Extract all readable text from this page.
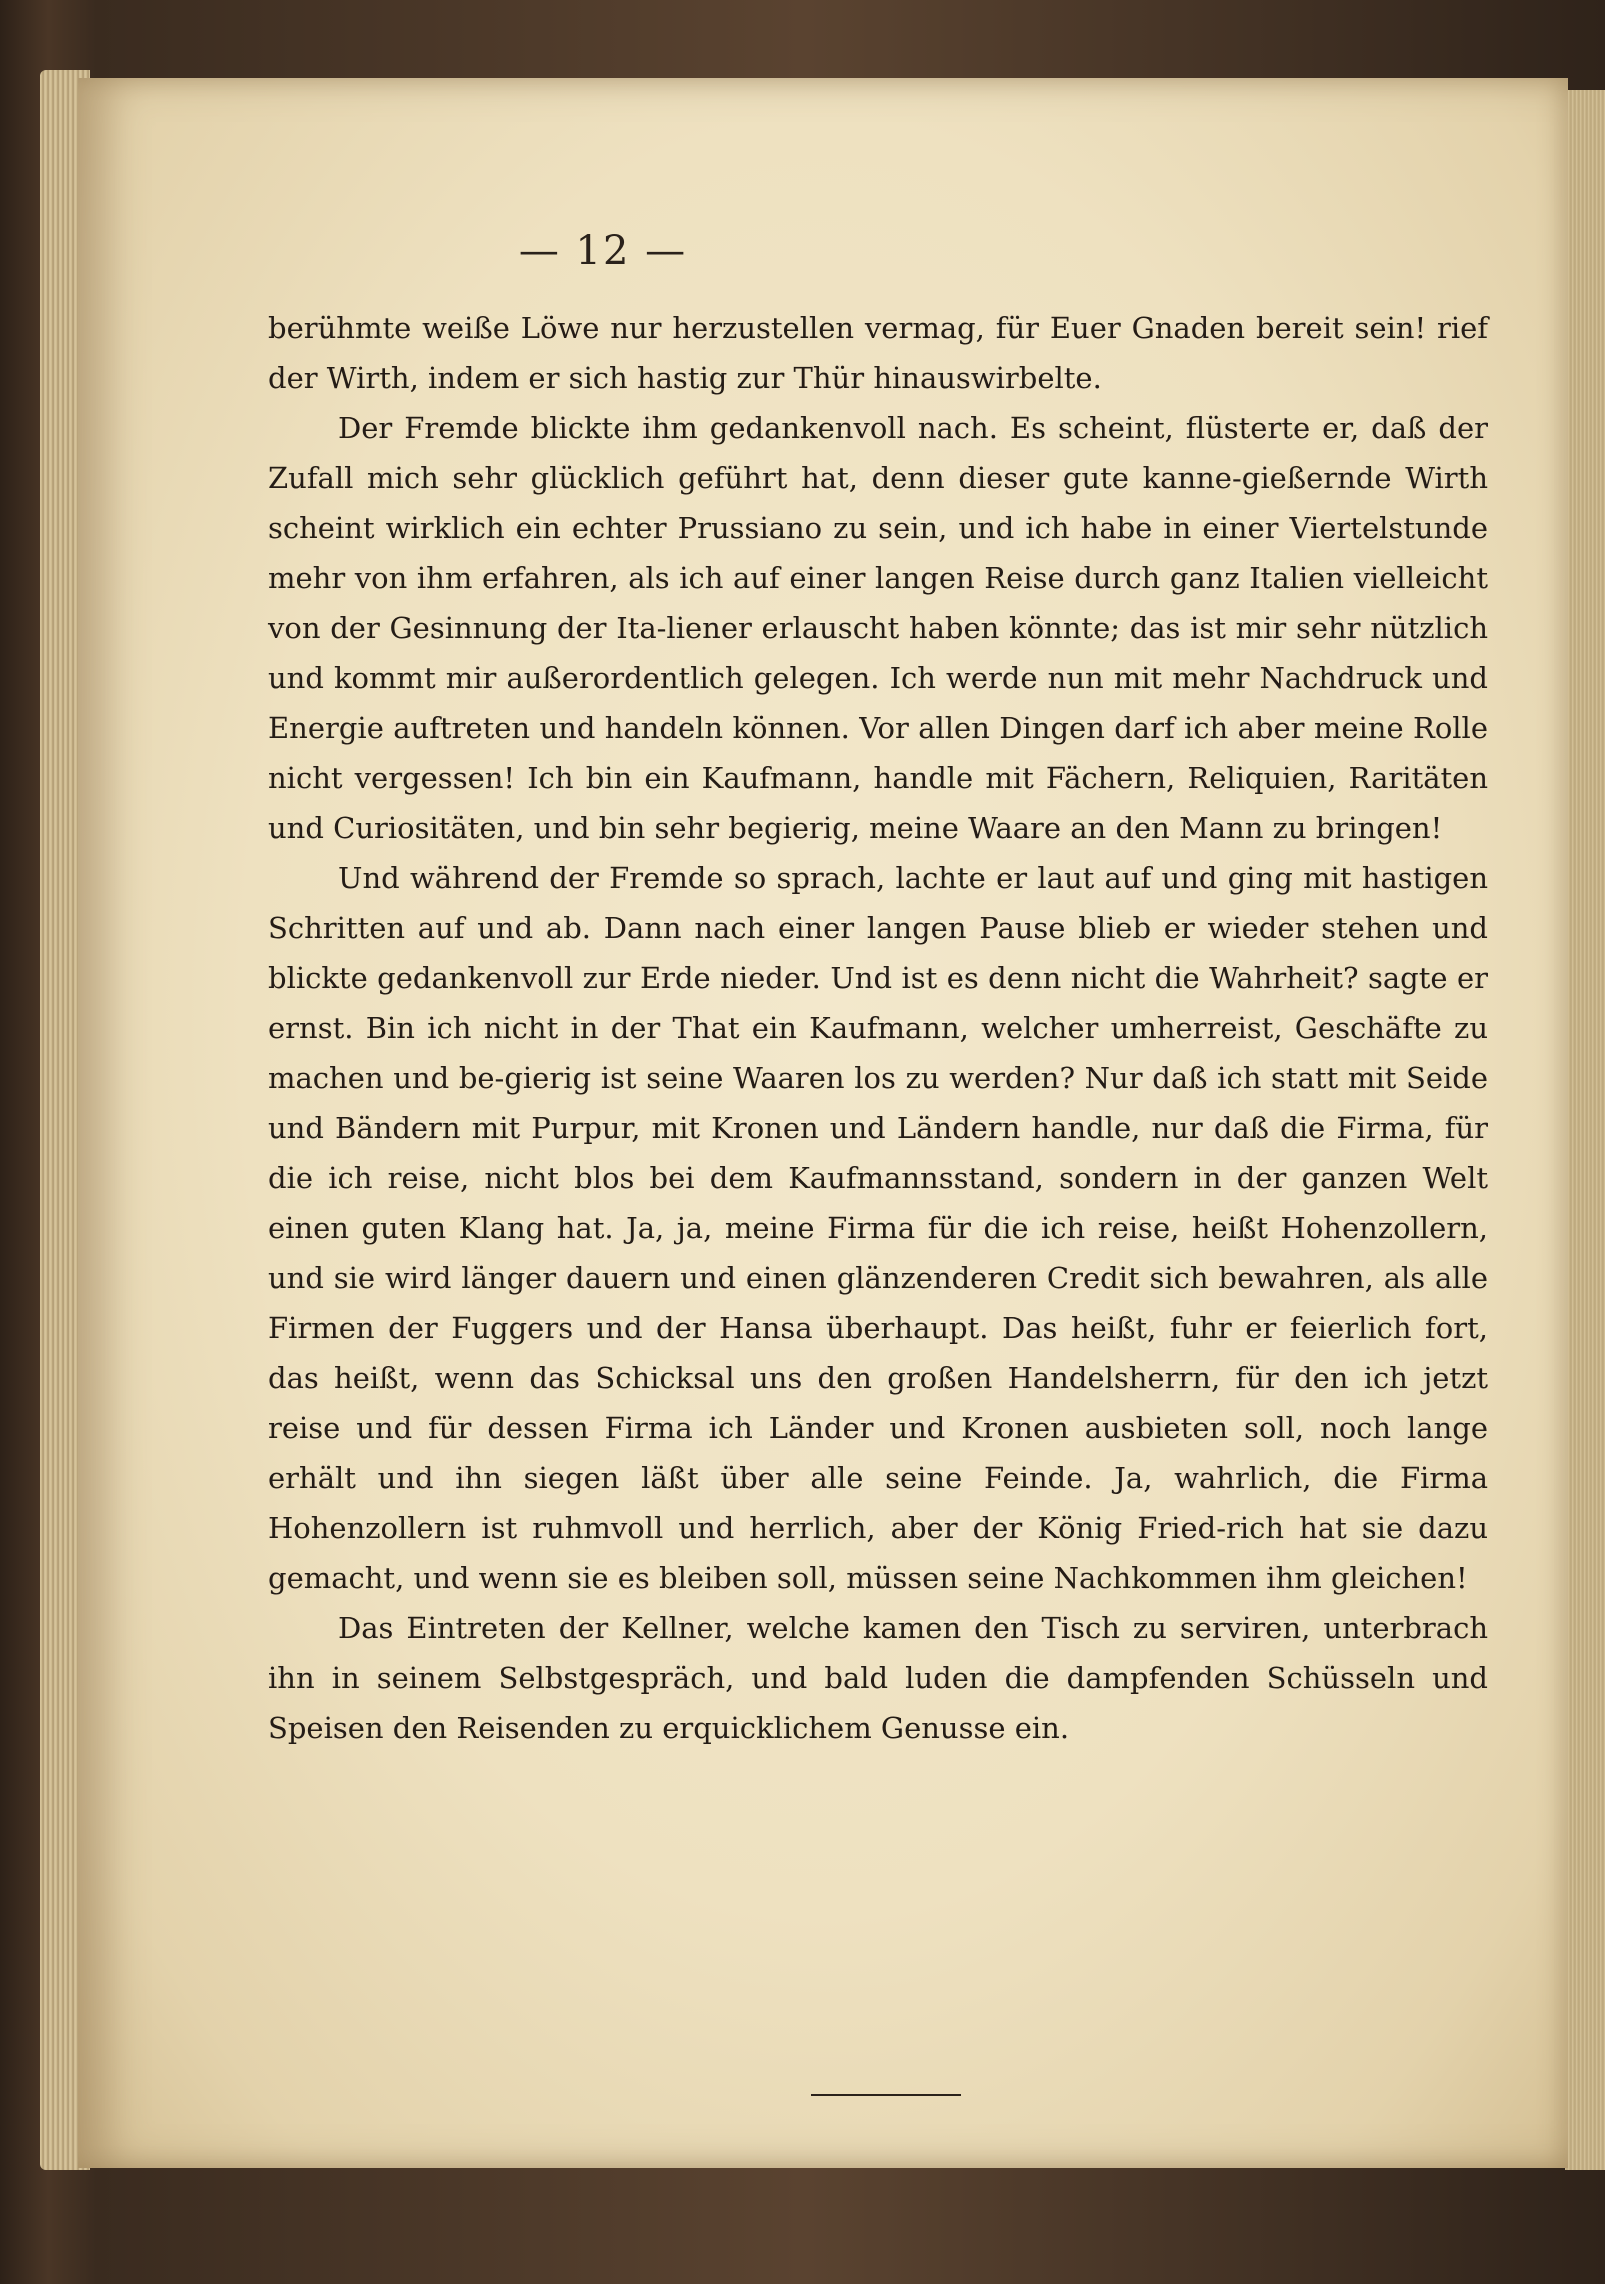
— 12 —

berühmte weiße Löwe nur herzustellen vermag, für Euer Gnaden bereit sein! rief der Wirth, indem er sich hastig zur Thür hinauswirbelte.

Der Fremde blickte ihm gedankenvoll nach. Es scheint, flüsterte er, daß der Zufall mich sehr glücklich geführt hat, denn dieser gute kanne-gießernde Wirth scheint wirklich ein echter Prussiano zu sein, und ich habe in einer Viertelstunde mehr von ihm erfahren, als ich auf einer langen Reise durch ganz Italien vielleicht von der Gesinnung der Ita-liener erlauscht haben könnte; das ist mir sehr nützlich und kommt mir außerordentlich gelegen. Ich werde nun mit mehr Nachdruck und Energie auftreten und handeln können. Vor allen Dingen darf ich aber meine Rolle nicht vergessen! Ich bin ein Kaufmann, handle mit Fächern, Reliquien, Raritäten und Curiositäten, und bin sehr begierig, meine Waare an den Mann zu bringen!

Und während der Fremde so sprach, lachte er laut auf und ging mit hastigen Schritten auf und ab. Dann nach einer langen Pause blieb er wieder stehen und blickte gedankenvoll zur Erde nieder. Und ist es denn nicht die Wahrheit? sagte er ernst. Bin ich nicht in der That ein Kaufmann, welcher umherreist, Geschäfte zu machen und be-gierig ist seine Waaren los zu werden? Nur daß ich statt mit Seide und Bändern mit Purpur, mit Kronen und Ländern handle, nur daß die Firma, für die ich reise, nicht blos bei dem Kaufmannsstand, sondern in der ganzen Welt einen guten Klang hat. Ja, ja, meine Firma für die ich reise, heißt Hohenzollern, und sie wird länger dauern und einen glänzenderen Credit sich bewahren, als alle Firmen der Fuggers und der Hansa überhaupt. Das heißt, fuhr er feierlich fort, das heißt, wenn das Schicksal uns den großen Handelsherrn, für den ich jetzt reise und für dessen Firma ich Länder und Kronen ausbieten soll, noch lange erhält und ihn siegen läßt über alle seine Feinde. Ja, wahrlich, die Firma Hohenzollern ist ruhmvoll und herrlich, aber der König Fried-rich hat sie dazu gemacht, und wenn sie es bleiben soll, müssen seine Nachkommen ihm gleichen!

Das Eintreten der Kellner, welche kamen den Tisch zu serviren, unterbrach ihn in seinem Selbstgespräch, und bald luden die dampfenden Schüsseln und Speisen den Reisenden zu erquicklichem Genusse ein.
